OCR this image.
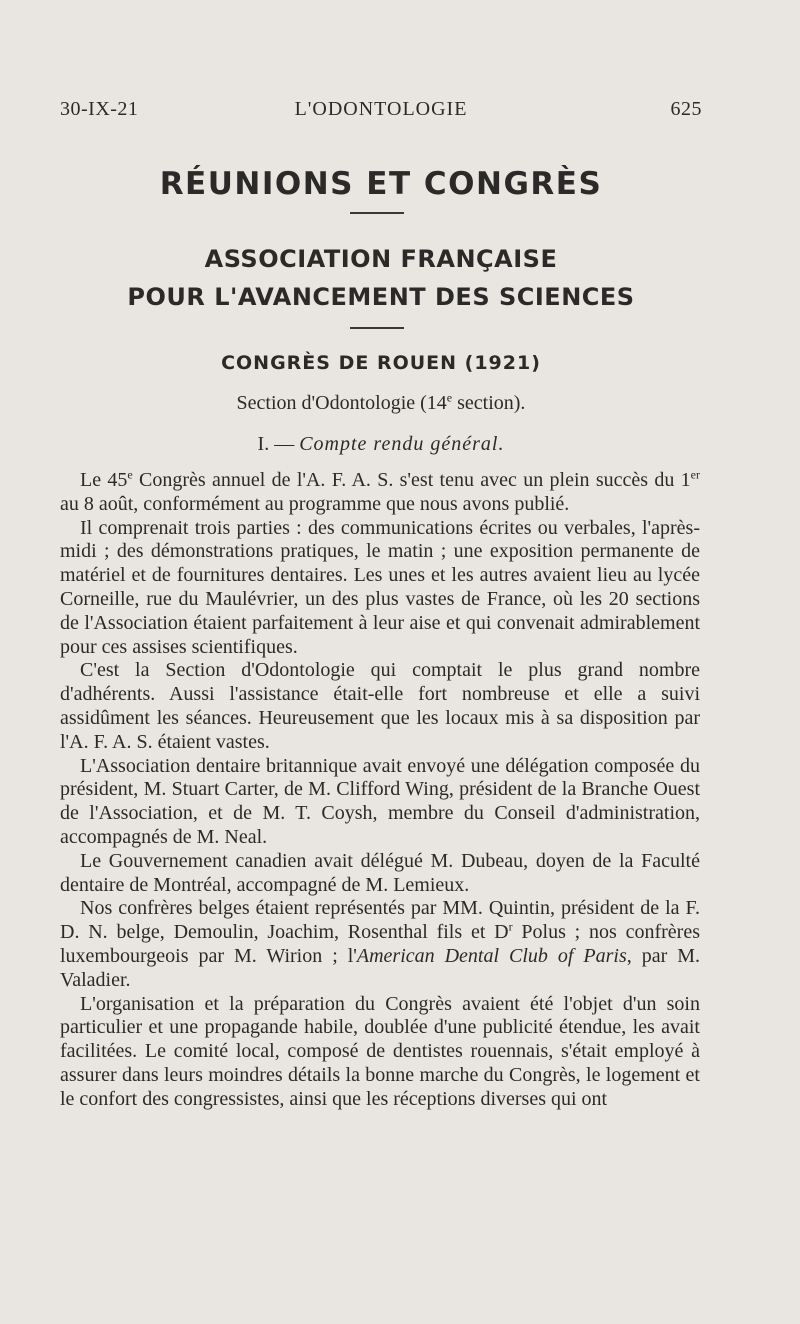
30-IX-21	L'ODONTOLOGIE	625
RÉUNIONS ET CONGRÈS
ASSOCIATION FRANÇAISE
POUR L'AVANCEMENT DES SCIENCES
CONGRÈS DE ROUEN (1921)
Section d'Odontologie (14e section).
I. — Compte rendu général.

Le 45e Congrès annuel de l'A. F. A. S. s'est tenu avec un plein succès du 1er au 8 août, conformément au programme que nous avons publié.

Il comprenait trois parties : des communications écrites ou verbales, l'après-midi ; des démonstrations pratiques, le matin ; une exposition permanente de matériel et de fournitures dentaires. Les unes et les autres avaient lieu au lycée Corneille, rue du Maulévrier, un des plus vastes de France, où les 20 sections de l'Association étaient parfaitement à leur aise et qui convenait admirablement pour ces assises scientifiques.

C'est la Section d'Odontologie qui comptait le plus grand nombre d'adhérents. Aussi l'assistance était-elle fort nombreuse et elle a suivi assidûment les séances. Heureusement que les locaux mis à sa disposition par l'A. F. A. S. étaient vastes.

L'Association dentaire britannique avait envoyé une délégation composée du président, M. Stuart Carter, de M. Clifford Wing, président de la Branche Ouest de l'Association, et de M. T. Coysh, membre du Conseil d'administration, accompagnés de M. Neal.

Le Gouvernement canadien avait délégué M. Dubeau, doyen de la Faculté dentaire de Montréal, accompagné de M. Lemieux.

Nos confrères belges étaient représentés par MM. Quintin, président de la F. D. N. belge, Demoulin, Joachim, Rosenthal fils et $D^r$ Polus ; nos confrères luxembourgeois par M. Wirion ; l'American Dental Club of Paris, par M. Valadier.

L'organisation et la préparation du Congrès avaient été l'objet d'un soin particulier et une propagande habile, doublée d'une publicité étendue, les avait facilitées. Le comité local, composé de dentistes rouennais, s'était employé à assurer dans leurs moindres détails la bonne marche du Congrès, le logement et le confort des congressistes, ainsi que les réceptions diverses qui ont
